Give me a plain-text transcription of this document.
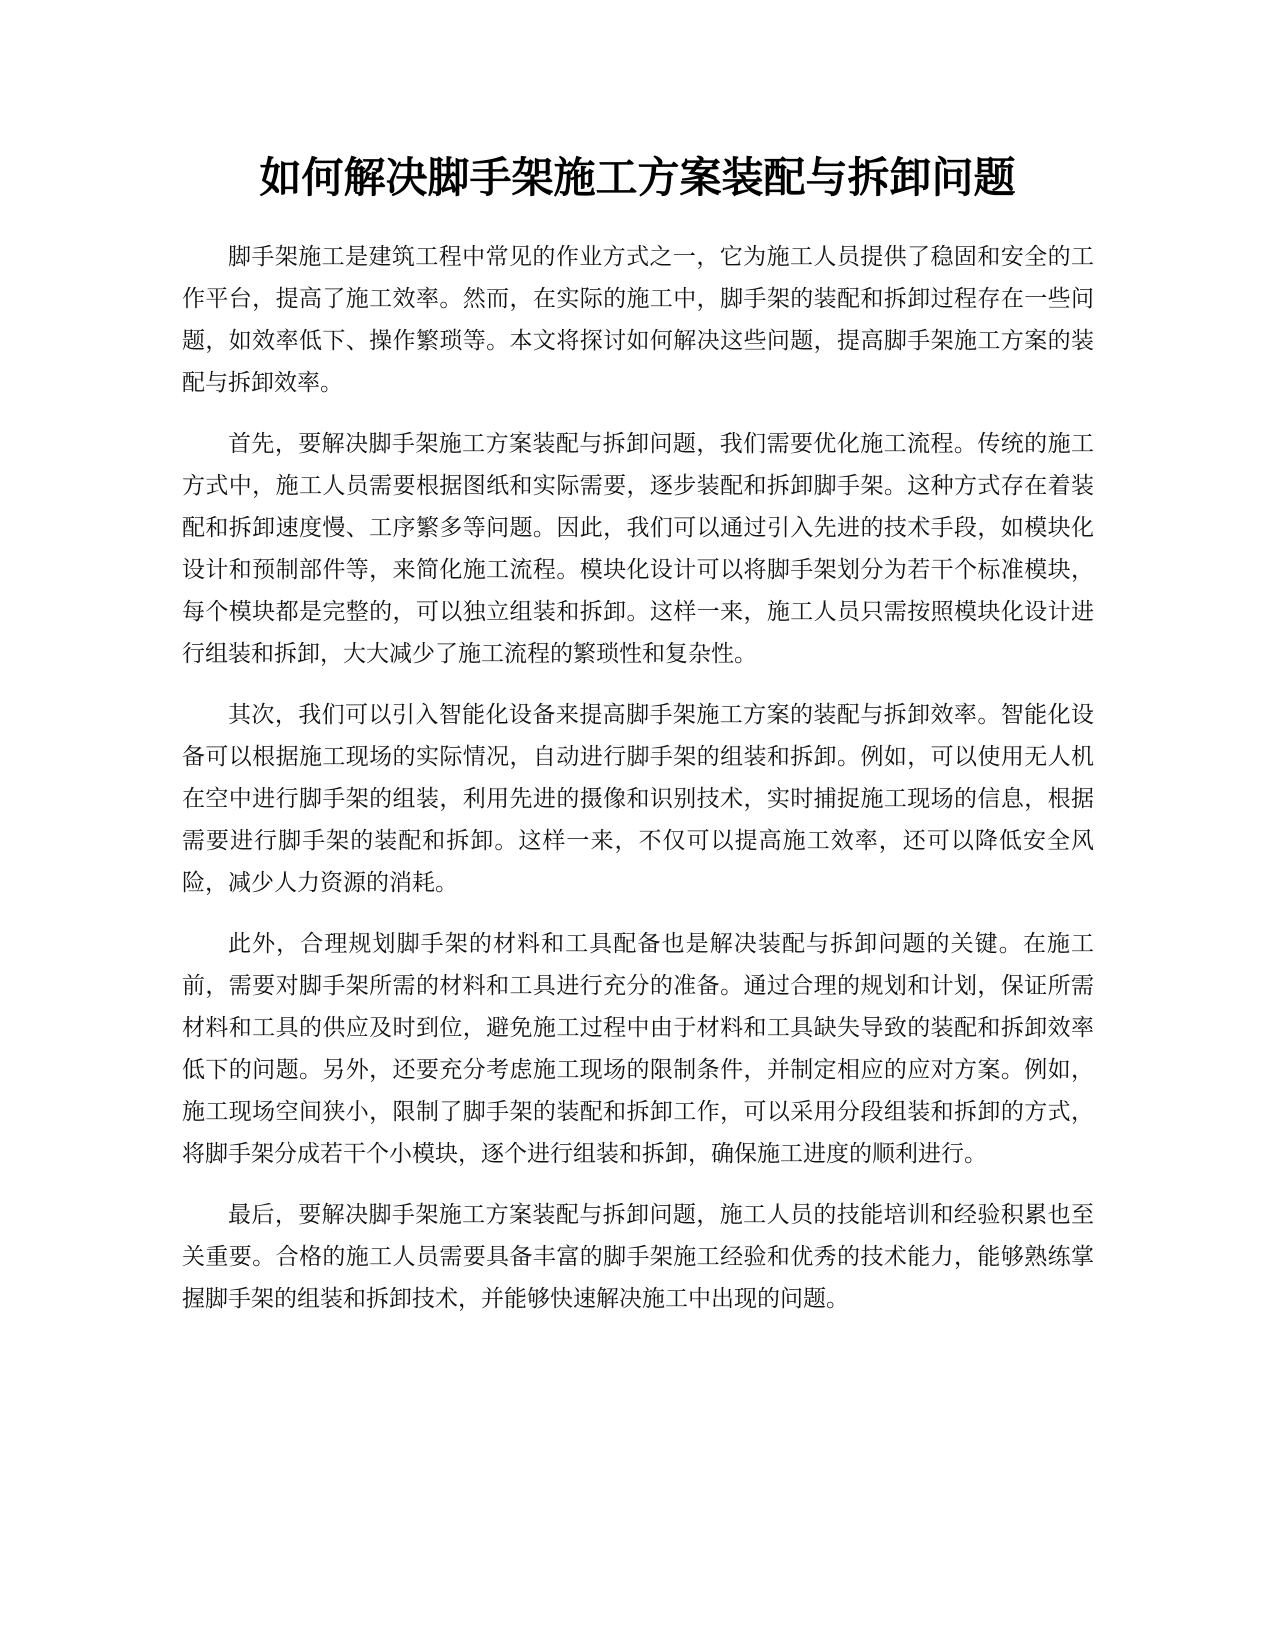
如何解决脚手架施工方案装配与拆卸问题

脚手架施工是建筑工程中常见的作业方式之一，它为施工人员提供了稳固和安全的工作平台，提高了施工效率。然而，在实际的施工中，脚手架的装配和拆卸过程存在一些问题，如效率低下、操作繁琐等。本文将探讨如何解决这些问题，提高脚手架施工方案的装配与拆卸效率。

首先，要解决脚手架施工方案装配与拆卸问题，我们需要优化施工流程。传统的施工方式中，施工人员需要根据图纸和实际需要，逐步装配和拆卸脚手架。这种方式存在着装配和拆卸速度慢、工序繁多等问题。因此，我们可以通过引入先进的技术手段，如模块化设计和预制部件等，来简化施工流程。模块化设计可以将脚手架划分为若干个标准模块，每个模块都是完整的，可以独立组装和拆卸。这样一来，施工人员只需按照模块化设计进行组装和拆卸，大大减少了施工流程的繁琐性和复杂性。

其次，我们可以引入智能化设备来提高脚手架施工方案的装配与拆卸效率。智能化设备可以根据施工现场的实际情况，自动进行脚手架的组装和拆卸。例如，可以使用无人机在空中进行脚手架的组装，利用先进的摄像和识别技术，实时捕捉施工现场的信息，根据需要进行脚手架的装配和拆卸。这样一来，不仅可以提高施工效率，还可以降低安全风险，减少人力资源的消耗。

此外，合理规划脚手架的材料和工具配备也是解决装配与拆卸问题的关键。在施工前，需要对脚手架所需的材料和工具进行充分的准备。通过合理的规划和计划，保证所需材料和工具的供应及时到位，避免施工过程中由于材料和工具缺失导致的装配和拆卸效率低下的问题。另外，还要充分考虑施工现场的限制条件，并制定相应的应对方案。例如，施工现场空间狭小，限制了脚手架的装配和拆卸工作，可以采用分段组装和拆卸的方式，将脚手架分成若干个小模块，逐个进行组装和拆卸，确保施工进度的顺利进行。

最后，要解决脚手架施工方案装配与拆卸问题，施工人员的技能培训和经验积累也至关重要。合格的施工人员需要具备丰富的脚手架施工经验和优秀的技术能力，能够熟练掌握脚手架的组装和拆卸技术，并能够快速解决施工中出现的问题。
